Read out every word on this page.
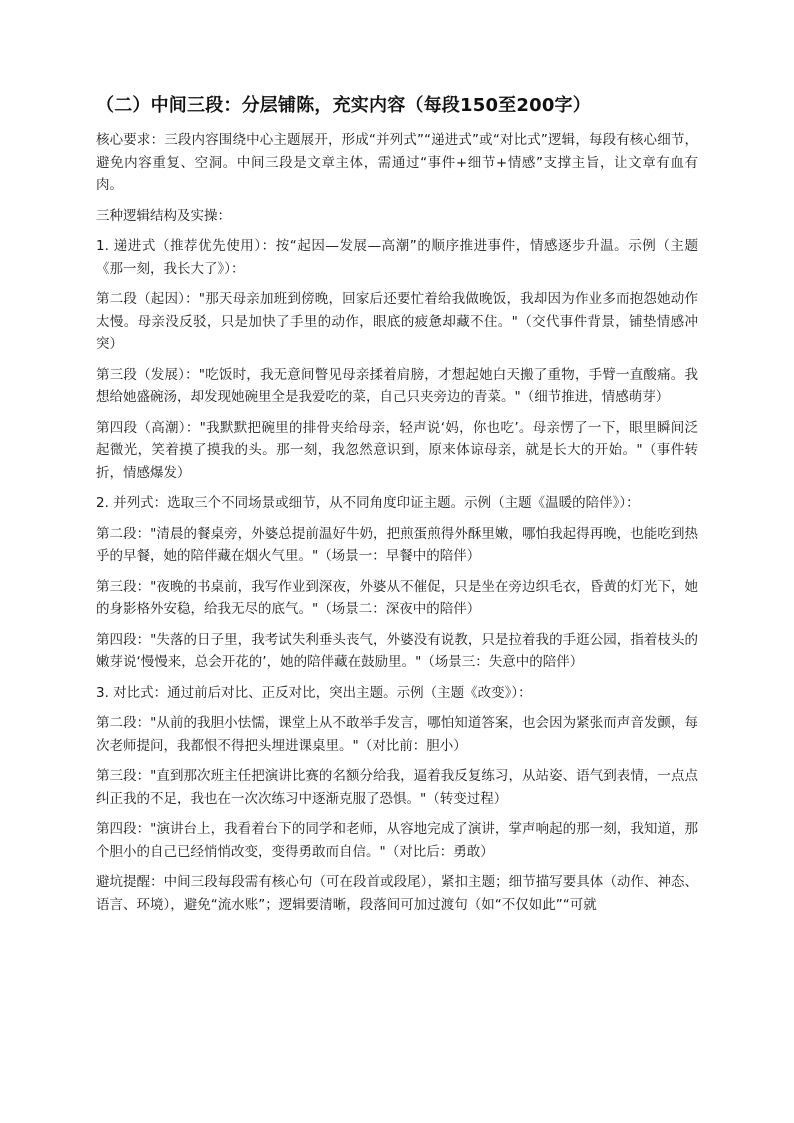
（二）中间三段：分层铺陈，充实内容（每段150至200字）

核心要求：三段内容围绕中心主题展开，形成“并列式”“递进式”或“对比式”逻辑，每段有核心细节，避免内容重复、空洞。中间三段是文章主体，需通过“事件+细节+情感”支撑主旨，让文章有血有肉。

三种逻辑结构及实操：

1. 递进式（推荐优先使用）：按“起因—发展—高潮”的顺序推进事件，情感逐步升温。示例（主题《那一刻，我长大了》）：

第二段（起因）："那天母亲加班到傍晚，回家后还要忙着给我做晚饭，我却因为作业多而抱怨她动作太慢。母亲没反驳，只是加快了手里的动作，眼底的疲惫却藏不住。"（交代事件背景，铺垫情感冲突）

第三段（发展）："吃饭时，我无意间瞥见母亲揉着肩膀，才想起她白天搬了重物，手臂一直酸痛。我想给她盛碗汤，却发现她碗里全是我爱吃的菜，自己只夹旁边的青菜。"（细节推进，情感萌芽）

第四段（高潮）："我默默把碗里的排骨夹给母亲，轻声说‘妈，你也吃’。母亲愣了一下，眼里瞬间泛起微光，笑着摸了摸我的头。那一刻，我忽然意识到，原来体谅母亲，就是长大的开始。"（事件转折，情感爆发）

2. 并列式：选取三个不同场景或细节，从不同角度印证主题。示例（主题《温暖的陪伴》）：

第二段："清晨的餐桌旁，外婆总提前温好牛奶，把煎蛋煎得外酥里嫩，哪怕我起得再晚，也能吃到热乎的早餐，她的陪伴藏在烟火气里。"（场景一：早餐中的陪伴）

第三段："夜晚的书桌前，我写作业到深夜，外婆从不催促，只是坐在旁边织毛衣，昏黄的灯光下，她的身影格外安稳，给我无尽的底气。"（场景二：深夜中的陪伴）

第四段："失落的日子里，我考试失利垂头丧气，外婆没有说教，只是拉着我的手逛公园，指着枝头的嫩芽说‘慢慢来，总会开花的’，她的陪伴藏在鼓励里。"（场景三：失意中的陪伴）

3. 对比式：通过前后对比、正反对比，突出主题。示例（主题《改变》）：

第二段："从前的我胆小怯懦，课堂上从不敢举手发言，哪怕知道答案，也会因为紧张而声音发颤，每次老师提问，我都恨不得把头埋进课桌里。"（对比前：胆小）

第三段："直到那次班主任把演讲比赛的名额分给我，逼着我反复练习，从站姿、语气到表情，一点点纠正我的不足，我也在一次次练习中逐渐克服了恐惧。"（转变过程）

第四段："演讲台上，我看着台下的同学和老师，从容地完成了演讲，掌声响起的那一刻，我知道，那个胆小的自己已经悄悄改变，变得勇敢而自信。"（对比后：勇敢）

避坑提醒：中间三段每段需有核心句（可在段首或段尾），紧扣主题；细节描写要具体（动作、神态、语言、环境），避免“流水账”；逻辑要清晰，段落间可加过渡句（如“不仅如此”“可就
